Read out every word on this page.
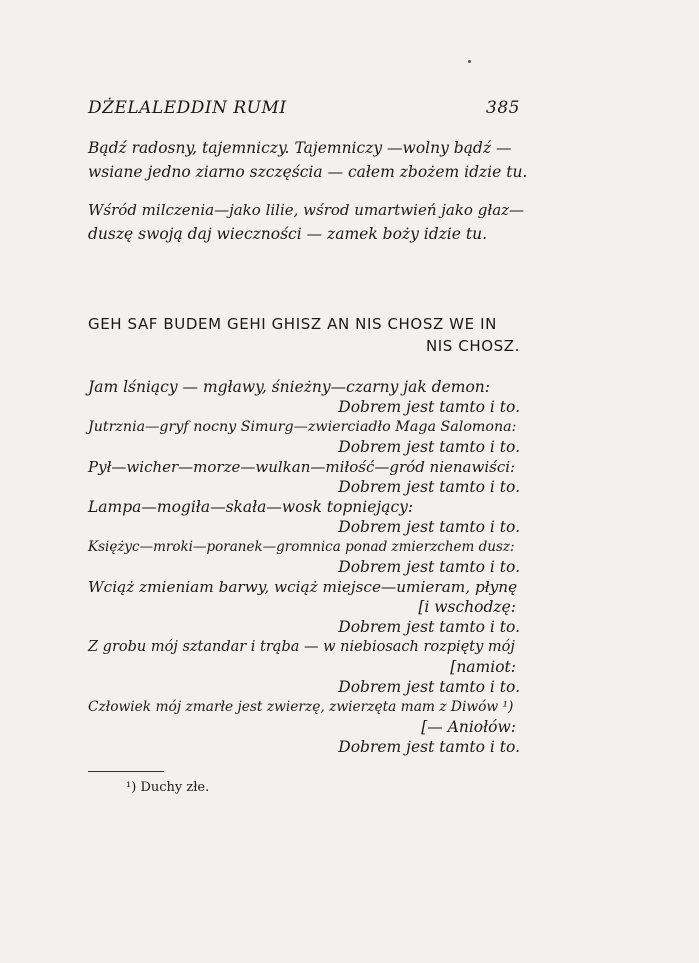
DŻELALEDDIN RUMI	385
Bądź radosny, tajemniczy. Tajemniczy —wolny bądź —
wsiane jedno ziarno szczęścia — całem zbożem idzie tu.
Wśród milczenia—jako lilie, wśrod umartwień jako głaz—
duszę swoją daj wieczności — zamek boży idzie tu.
GEH SAF BUDEM GEHI GHISZ AN NIS CHOSZ WE IN
NIS CHOSZ.
Jam lśniący — mgławy, śnieżny—czarny jak demon:
Dobrem jest tamto i to.
Jutrznia—gryf nocny Simurg—zwierciadło Maga Salomona:
Dobrem jest tamto i to.
Pył—wicher—morze—wulkan—miłość—gród nienawiści:
Dobrem jest tamto i to.
Lampa—mogiła—skała—wosk topniejący:
Dobrem jest tamto i to.
Księżyc—mroki—poranek—gromnica ponad zmierzchem dusz:
Dobrem jest tamto i to.
Wciąż zmieniam barwy, wciąż miejsce—umieram, płynę
[i wschodzę:
Dobrem jest tamto i to.
Z grobu mój sztandar i trąba — w niebiosach rozpięty mój
[namiot:
Dobrem jest tamto i to.
Człowiek mój zmarłe jest zwierzę, zwierzęta mam z Diwów ¹)
[— Aniołów:
Dobrem jest tamto i to.
¹) Duchy złe.
